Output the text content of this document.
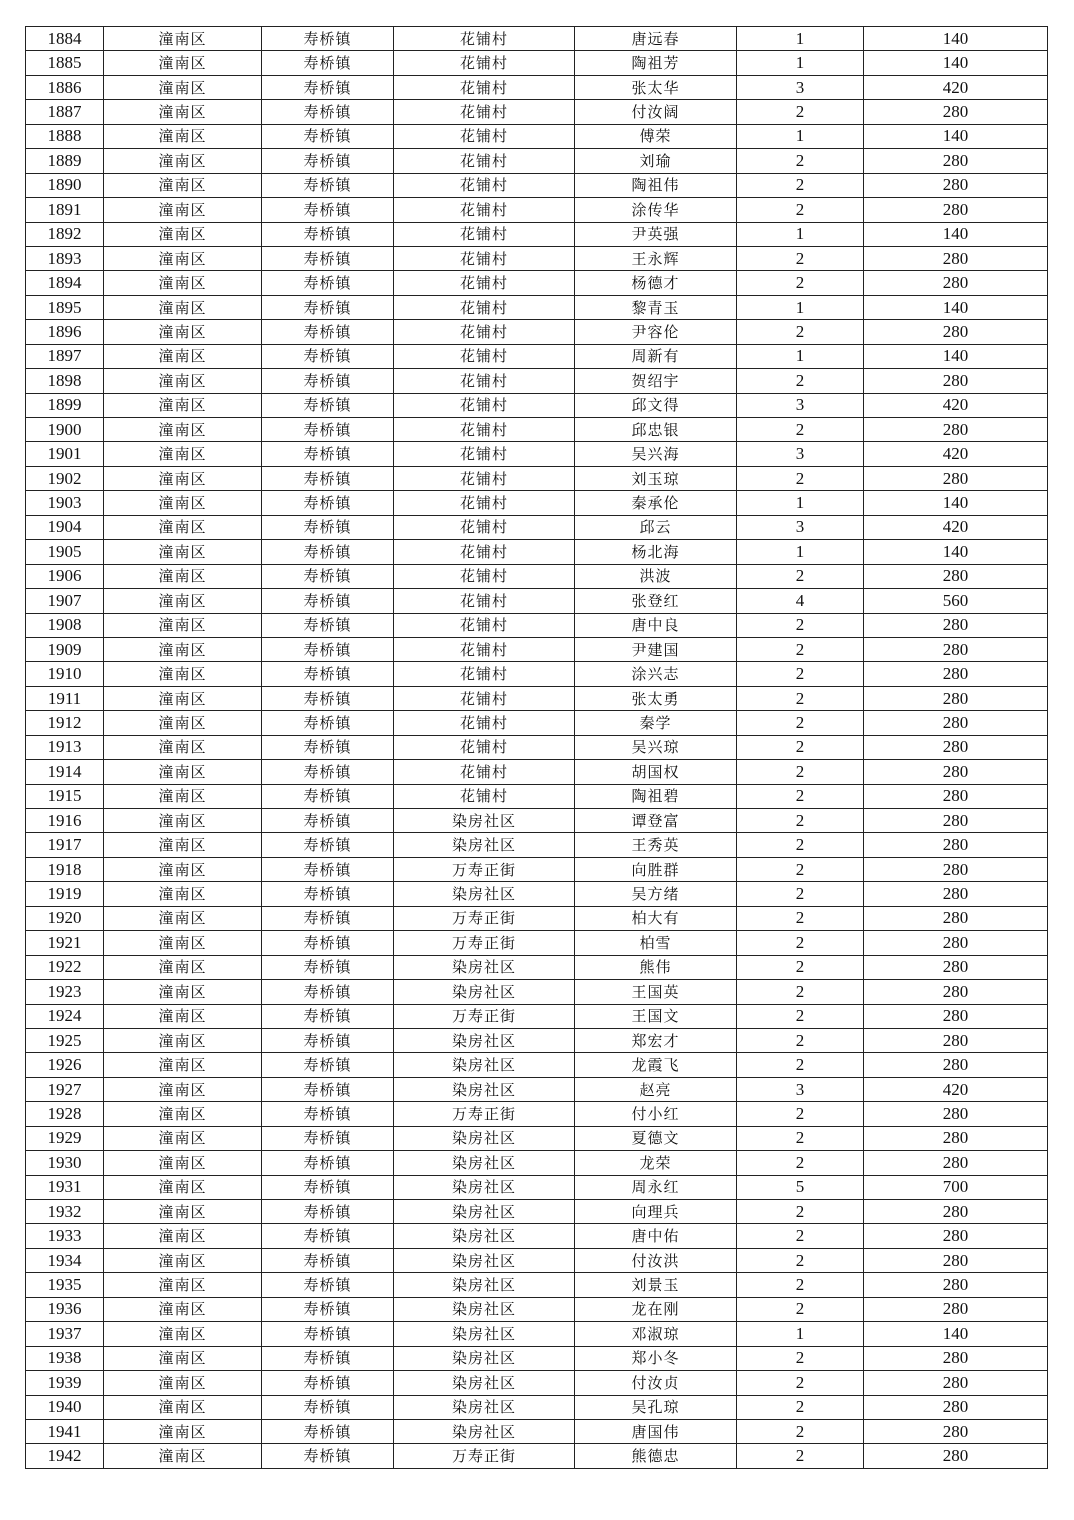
1884	潼南区	寿桥镇	花铺村	唐远春	1	140
1885	潼南区	寿桥镇	花铺村	陶祖芳	1	140
1886	潼南区	寿桥镇	花铺村	张太华	3	420
1887	潼南区	寿桥镇	花铺村	付汝阔	2	280
1888	潼南区	寿桥镇	花铺村	傅荣	1	140
1889	潼南区	寿桥镇	花铺村	刘瑜	2	280
1890	潼南区	寿桥镇	花铺村	陶祖伟	2	280
1891	潼南区	寿桥镇	花铺村	涂传华	2	280
1892	潼南区	寿桥镇	花铺村	尹英强	1	140
1893	潼南区	寿桥镇	花铺村	王永辉	2	280
1894	潼南区	寿桥镇	花铺村	杨德才	2	280
1895	潼南区	寿桥镇	花铺村	黎青玉	1	140
1896	潼南区	寿桥镇	花铺村	尹容伦	2	280
1897	潼南区	寿桥镇	花铺村	周新有	1	140
1898	潼南区	寿桥镇	花铺村	贺绍宇	2	280
1899	潼南区	寿桥镇	花铺村	邱文得	3	420
1900	潼南区	寿桥镇	花铺村	邱忠银	2	280
1901	潼南区	寿桥镇	花铺村	吴兴海	3	420
1902	潼南区	寿桥镇	花铺村	刘玉琼	2	280
1903	潼南区	寿桥镇	花铺村	秦承伦	1	140
1904	潼南区	寿桥镇	花铺村	邱云	3	420
1905	潼南区	寿桥镇	花铺村	杨北海	1	140
1906	潼南区	寿桥镇	花铺村	洪波	2	280
1907	潼南区	寿桥镇	花铺村	张登红	4	560
1908	潼南区	寿桥镇	花铺村	唐中良	2	280
1909	潼南区	寿桥镇	花铺村	尹建国	2	280
1910	潼南区	寿桥镇	花铺村	涂兴志	2	280
1911	潼南区	寿桥镇	花铺村	张太勇	2	280
1912	潼南区	寿桥镇	花铺村	秦学	2	280
1913	潼南区	寿桥镇	花铺村	吴兴琼	2	280
1914	潼南区	寿桥镇	花铺村	胡国权	2	280
1915	潼南区	寿桥镇	花铺村	陶祖碧	2	280
1916	潼南区	寿桥镇	染房社区	谭登富	2	280
1917	潼南区	寿桥镇	染房社区	王秀英	2	280
1918	潼南区	寿桥镇	万寿正街	向胜群	2	280
1919	潼南区	寿桥镇	染房社区	吴方绪	2	280
1920	潼南区	寿桥镇	万寿正街	柏大有	2	280
1921	潼南区	寿桥镇	万寿正街	柏雪	2	280
1922	潼南区	寿桥镇	染房社区	熊伟	2	280
1923	潼南区	寿桥镇	染房社区	王国英	2	280
1924	潼南区	寿桥镇	万寿正街	王国文	2	280
1925	潼南区	寿桥镇	染房社区	郑宏才	2	280
1926	潼南区	寿桥镇	染房社区	龙霞飞	2	280
1927	潼南区	寿桥镇	染房社区	赵亮	3	420
1928	潼南区	寿桥镇	万寿正街	付小红	2	280
1929	潼南区	寿桥镇	染房社区	夏德文	2	280
1930	潼南区	寿桥镇	染房社区	龙荣	2	280
1931	潼南区	寿桥镇	染房社区	周永红	5	700
1932	潼南区	寿桥镇	染房社区	向理兵	2	280
1933	潼南区	寿桥镇	染房社区	唐中佑	2	280
1934	潼南区	寿桥镇	染房社区	付汝洪	2	280
1935	潼南区	寿桥镇	染房社区	刘景玉	2	280
1936	潼南区	寿桥镇	染房社区	龙在刚	2	280
1937	潼南区	寿桥镇	染房社区	邓淑琼	1	140
1938	潼南区	寿桥镇	染房社区	郑小冬	2	280
1939	潼南区	寿桥镇	染房社区	付汝贞	2	280
1940	潼南区	寿桥镇	染房社区	吴孔琼	2	280
1941	潼南区	寿桥镇	染房社区	唐国伟	2	280
1942	潼南区	寿桥镇	万寿正街	熊德忠	2	280
